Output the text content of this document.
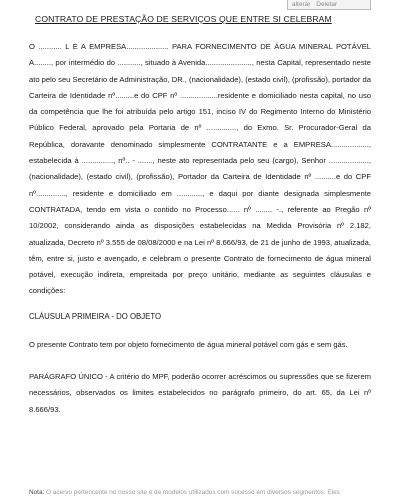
alterar Deletar
CONTRATO DE PRESTAÇÃO DE SERVIÇOS QUE ENTRE SI CELEBRAM
O ........... L E A EMPRESA.................... PARA FORNECIMENTO DE ÁGUA MINERAL POTÁVEL A........, por intermédio do ..........., situado à Avenida......................, nesta Capital, representado neste ato pelo seu Secretário de Administração, DR., (nacionalidade), (estado civil), (profissão), portador da Carteira de Identidade nº.........e do CPF nº ..................residente e domiciliado nesta capital, no uso da competência que lhe foi atribuída pelo artigo 151, inciso IV do Regimento Interno do Ministério Público Federal, aprovado pela Portaria de nº .............., do Exmo. Sr. Procurador-Geral da República, doravante denominado simplesmente CONTRATANTE e a EMPRESA.................., estabelecida à ..............., nº.. - ......., neste ato representada pelo seu (cargo), Senhor ..................., (nacionalidade), (estado civil), (profissão), Portador da Carteira de Identidade nº ..........e do CPF nº.............., residente e domiciliado em ............, e daqui por diante designada simplesmente CONTRATADA, tendo em vista o contido no Processo...... nº ........ -., referente ao Pregão nº 10/2002, considerando ainda as disposições estabelecidas na Medida Provisória nº 2.182, atualizada, Decreto nº 3.555 de 08/08/2000 e na Lei nº 8.666/93, de 21 de junho de 1993, atualizada, têm, entre si, justo e avençado, e celebram o presente Contrato de fornecimento de água mineral potável, execução indireta, empreitada por preço unitário, mediante as seguintes cláusulas e condições:
CLÁUSULA PRIMEIRA - DO OBJETO
O presente Contrato tem por objeto fornecimento de água mineral potável com gás e sem gás.
PARÁGRAFO ÚNICO - A critério do MPF, poderão ocorrer acréscimos ou supressões que se fizerem necessários, observados os limites estabelecidos no parágrafo primeiro, do art. 65, da Lei nº 8.666/93.
Nota: O acervo pertencente no nosso site é de modelos utilizados com sucesso em diversos segmentos. Eles
